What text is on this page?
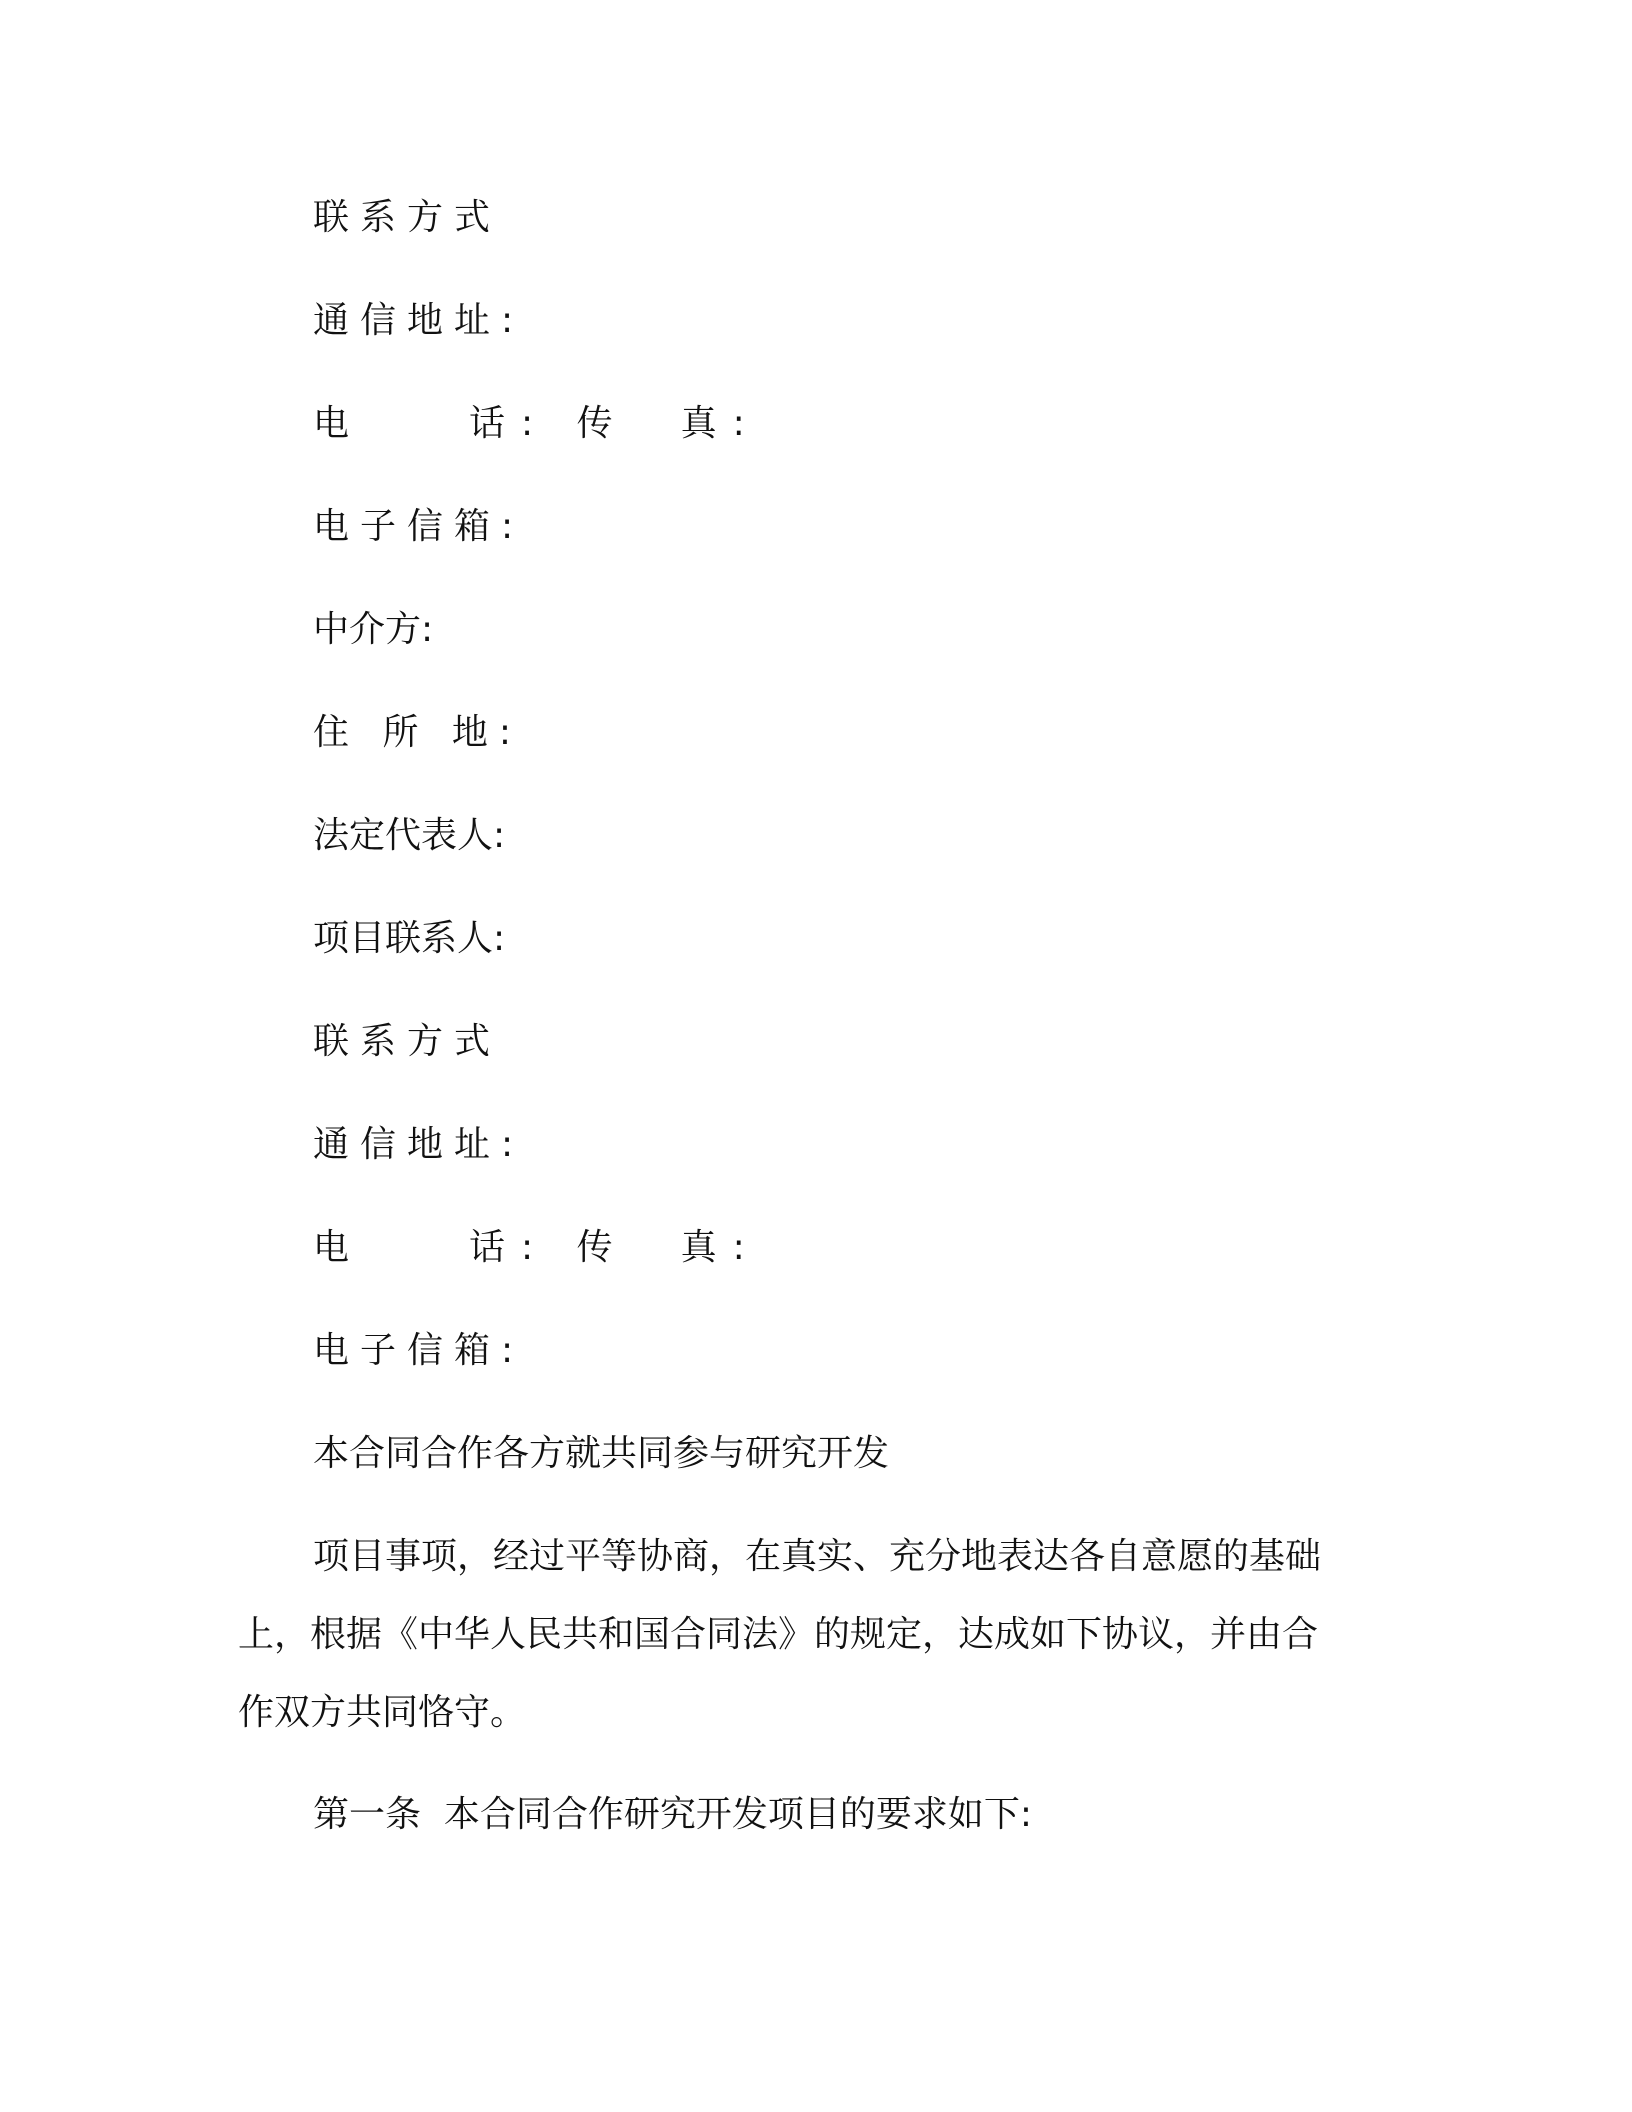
联系方式
通信地址:
电　　话: 传　真:
电子信箱:
中介方:
住 所 地:
法定代表人:
项目联系人:
联系方式
通信地址:
电　　话: 传　真:
电子信箱:
本合同合作各方就共同参与研究开发
项目事项，经过平等协商，在真实、充分地表达各自意愿的基础
上，根据《中华人民共和国合同法》的规定，达成如下协议，并由合
作双方共同恪守。
第一条  本合同合作研究开发项目的要求如下:
